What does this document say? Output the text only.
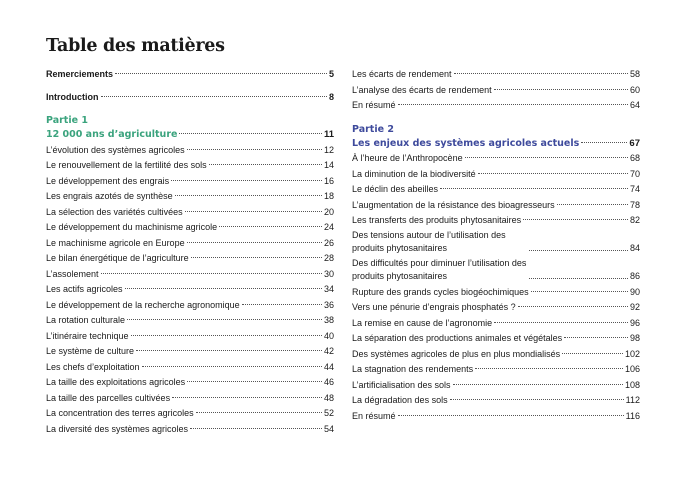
Table des matières
Remerciements	5
Introduction	8

Partie 1

12 000 ans d’agriculture	11
L’évolution des systèmes agricoles	12
Le renouvellement de la fertilité des sols	14
Le développement des engrais	16
Les engrais azotés de synthèse	18
La sélection des variétés cultivées	20
Le développement du machinisme agricole	24
Le machinisme agricole en Europe	26
Le bilan énergétique de l’agriculture	28
L’assolement	30
Les actifs agricoles	34
Le développement de la recherche agronomique	36
La rotation culturale	38
L’itinéraire technique	40
Le système de culture	42
Les chefs d’exploitation	44
La taille des exploitations agricoles	46
La taille des parcelles cultivées	48
La concentration des terres agricoles	52
La diversité des systèmes agricoles	54
Les écarts de rendement	58
L’analyse des écarts de rendement	60
En résumé	64

Partie 2

Les enjeux des systèmes agricoles actuels	67
À l’heure de l’Anthropocène	68
La diminution de la biodiversité	70
Le déclin des abeilles	74
L’augmentation de la résistance des bioagresseurs	78
Les transferts des produits phytosanitaires	82
Des tensions autour de l’utilisation des produits phytosanitaires	84
Des difficultés pour diminuer l’utilisation des produits phytosanitaires	86
Rupture des grands cycles biogéochimiques	90
Vers une pénurie d’engrais phosphatés ?	92
La remise en cause de l’agronomie	96
La séparation des productions animales et végétales	98
Des systèmes agricoles de plus en plus mondialisés	102
La stagnation des rendements	106
L’artificialisation des sols	108
La dégradation des sols	112
En résumé	116
